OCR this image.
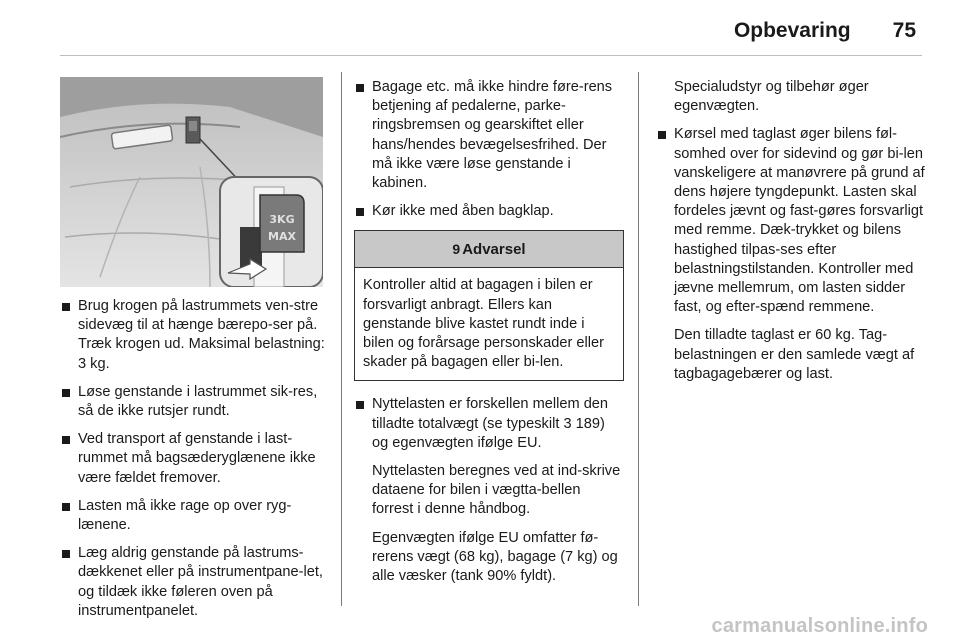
Opbevaring 75
3KG
MAX
Brug krogen på lastrummets ven-stre sidevæg til at hænge bærepo-ser på. Træk krogen ud. Maksimal belastning: 3 kg.
Løse genstande i lastrummet sik-res, så de ikke rutsjer rundt.
Ved transport af genstande i last-rummet må bagsæderyglænene ikke være fældet fremover.
Lasten må ikke rage op over ryg-lænene.
Læg aldrig genstande på lastrums-dækkenet eller på instrumentpane-let, og tildæk ikke føleren oven på instrumentpanelet.
Bagage etc. må ikke hindre føre-rens betjening af pedalerne, parke-ringsbremsen og gearskiftet eller hans/hendes bevægelsesfrihed. Der må ikke være løse genstande i kabinen.
Kør ikke med åben bagklap.
9 Advarsel
Kontroller altid at bagagen i bilen er forsvarligt anbragt. Ellers kan genstande blive kastet rundt inde i bilen og forårsage personskader eller skader på bagagen eller bi-len.
Nyttelasten er forskellen mellem den tilladte totalvægt (se typeskilt 3 189) og egenvægten ifølge EU.
Nyttelasten beregnes ved at ind-skrive dataene for bilen i vægtta-bellen forrest i denne håndbog.
Egenvægten ifølge EU omfatter fø-rerens vægt (68 kg), bagage (7 kg) og alle væsker (tank 90% fyldt).
Specialudstyr og tilbehør øger egenvægten.
Kørsel med taglast øger bilens føl-somhed over for sidevind og gør bi-len vanskeligere at manøvrere på grund af dens højere tyngdepunkt. Lasten skal fordeles jævnt og fast-gøres forsvarligt med remme. Dæk-trykket og bilens hastighed tilpas-ses efter belastningstilstanden. Kontroller med jævne mellemrum, om lasten sidder fast, og efter-spænd remmene.
Den tilladte taglast er 60 kg. Tag-belastningen er den samlede vægt af tagbagagebærer og last.
carmanualsonline.info
